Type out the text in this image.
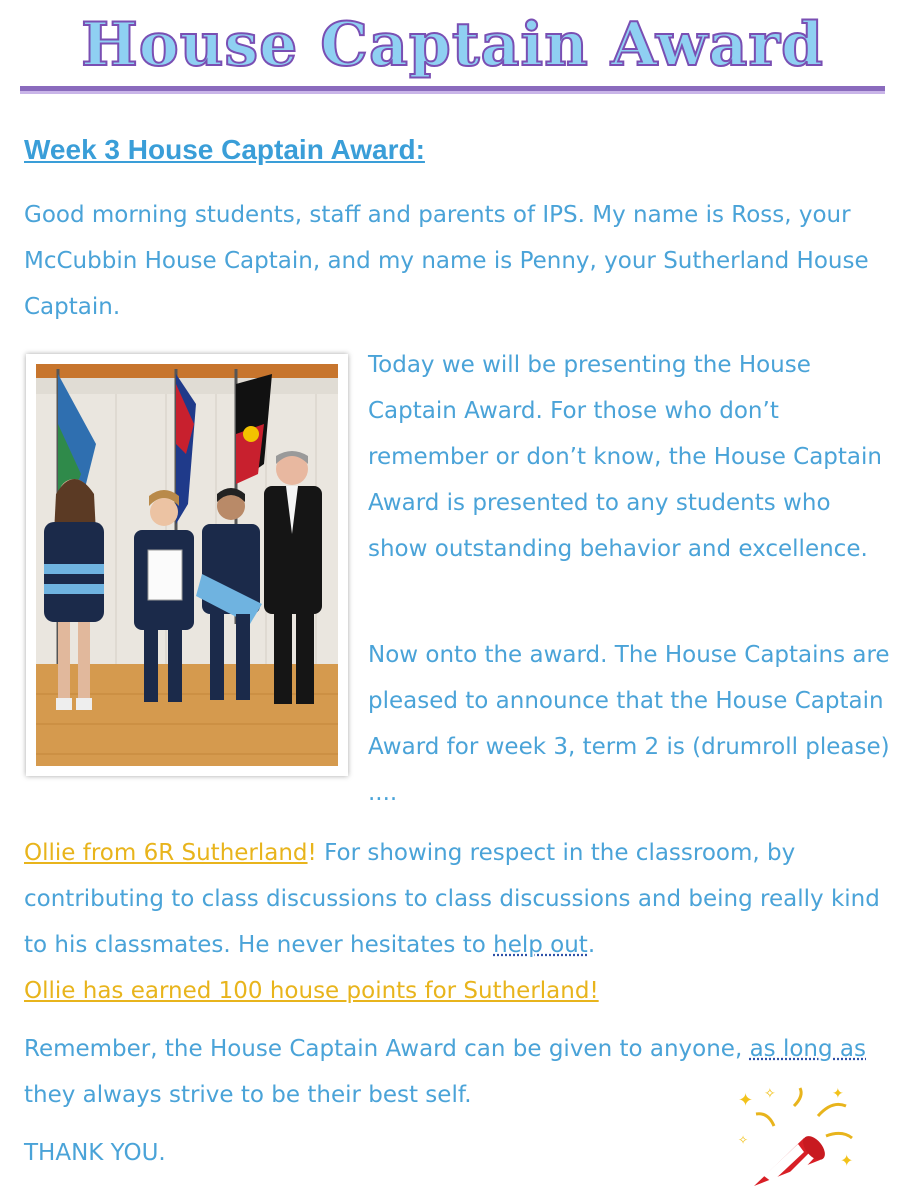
House Captain Award
Week 3 House Captain Award:
Good morning students, staff and parents of IPS. My name is Ross, your McCubbin House Captain, and my name is Penny, your Sutherland House Captain.
Today we will be presenting the House Captain Award. For those who don’t remember or don’t know, the House Captain Award is presented to any students who show outstanding behavior and excellence.
Now onto the award. The House Captains are pleased to announce that the House Captain Award for week 3, term 2 is (drumroll please) ....
Ollie from 6R Sutherland! For showing respect in the classroom, by contributing to class discussions to class discussions and being really kind to his classmates. He never hesitates to help out.
Ollie has earned 100 house points for Sutherland!
Remember, the House Captain Award can be given to anyone, as long as they always strive to be their best self.
THANK YOU.
✦ ✧	✦
✦
✧
